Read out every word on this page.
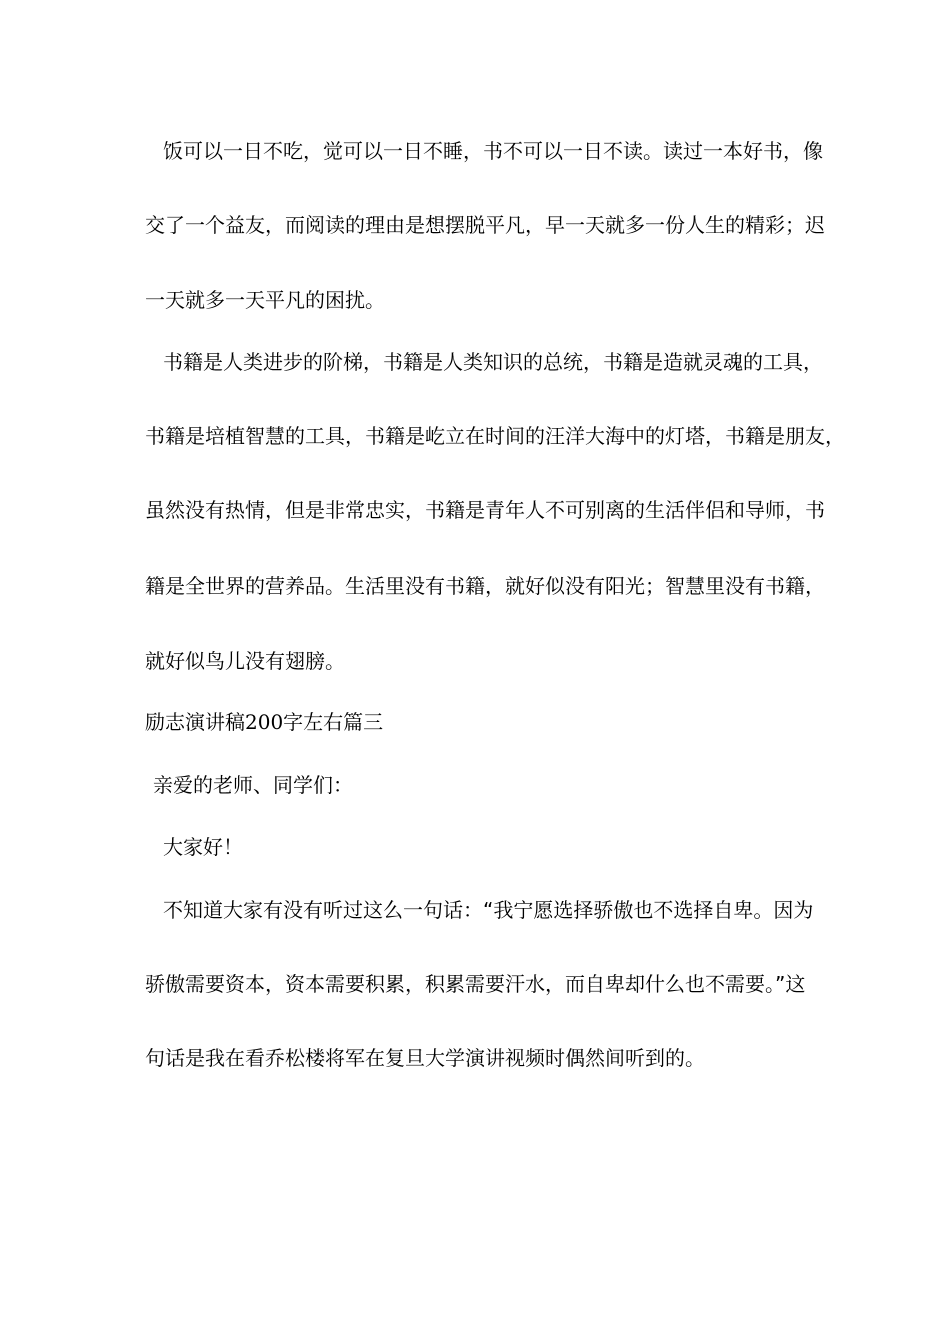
饭可以一日不吃，觉可以一日不睡，书不可以一日不读。读过一本好书，像

交了一个益友，而阅读的理由是想摆脱平凡，早一天就多一份人生的精彩；迟

一天就多一天平凡的困扰。

书籍是人类进步的阶梯，书籍是人类知识的总统，书籍是造就灵魂的工具，

书籍是培植智慧的工具，书籍是屹立在时间的汪洋大海中的灯塔，书籍是朋友，

虽然没有热情，但是非常忠实，书籍是青年人不可别离的生活伴侣和导师，书

籍是全世界的营养品。生活里没有书籍，就好似没有阳光；智慧里没有书籍，

就好似鸟儿没有翅膀。

励志演讲稿200字左右篇三

亲爱的老师、同学们：

大家好！

不知道大家有没有听过这么一句话：“我宁愿选择骄傲也不选择自卑。因为

骄傲需要资本，资本需要积累，积累需要汗水，而自卑却什么也不需要。”这

句话是我在看乔松楼将军在复旦大学演讲视频时偶然间听到的。
